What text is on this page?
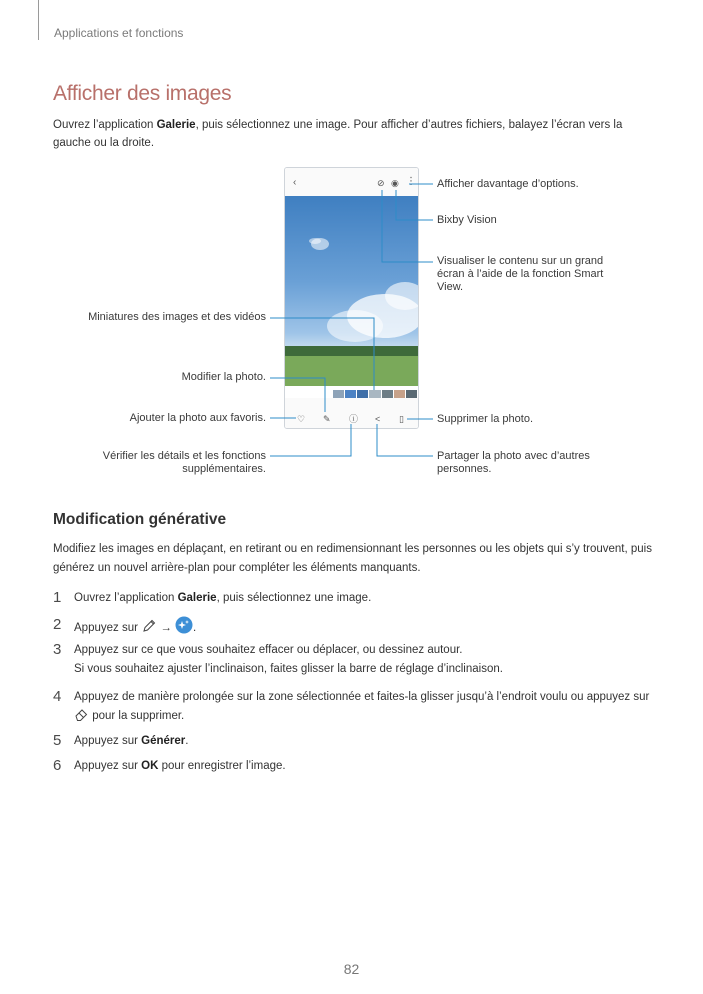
Applications et fonctions
Afficher des images
Ouvrez l’application Galerie, puis sélectionnez une image. Pour afficher d’autres fichiers, balayez l’écran vers la gauche ou la droite.
‹	⊘ ◉ ⋮
♡ ✎ ⓘ < ▯
Afficher davantage d’options.
Bixby Vision
Visualiser le contenu sur un grand écran à l’aide de la fonction Smart View.
Miniatures des images et des vidéos
Modifier la photo.
Ajouter la photo aux favoris.	Supprimer la photo.
Vérifier les détails et les fonctions supplémentaires.
Partager la photo avec d’autres personnes.
Modification générative
Modifiez les images en déplaçant, en retirant ou en redimensionnant les personnes ou les objets qui s’y trouvent, puis générez un nouvel arrière-plan pour compléter les éléments manquants.
1 Ouvrez l’application Galerie, puis sélectionnez une image.
2 Appuyez sur → .
3 Appuyez sur ce que vous souhaitez effacer ou déplacer, ou dessinez autour.
Si vous souhaitez ajuster l’inclinaison, faites glisser la barre de réglage d’inclinaison.
4 Appuyez de manière prolongée sur la zone sélectionnée et faites-la glisser jusqu’à l’endroit voulu ou appuyez sur  pour la supprimer.
5 Appuyez sur Générer.
6 Appuyez sur OK pour enregistrer l’image.
82
